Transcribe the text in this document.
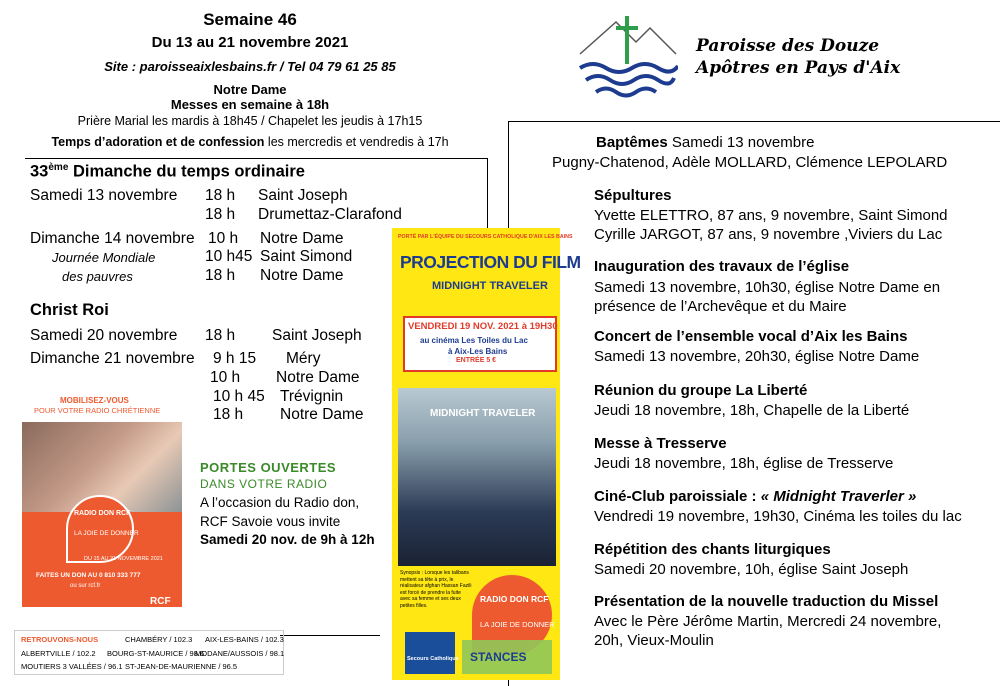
Semaine 46
Du 13 au 21 novembre 2021
Site : paroisseaixlesbains.fr / Tel 04 79 61 25 85
Notre Dame
Messes en semaine à 18h
Prière Marial les mardis à 18h45 / Chapelet les jeudis à 17h15
Temps d’adoration et de confession les mercredis et vendredis à 17h
Paroisse des Douze
Apôtres en Pays d'Aix
33ème Dimanche du temps ordinaire
Samedi 13 novembre 18 h Saint Joseph
18 h Drumettaz-Clarafond
Dimanche 14 novembre 10 h Notre Dame
Journée Mondiale	10 h45 Saint Simond
des pauvres	18 h Notre Dame
Christ Roi
Samedi 20 novembre 18 h Saint Joseph
Dimanche 21 novembre 9 h 15 Méry
10 h Notre Dame
10 h 45 Trévignin
18 h Notre Dame
Baptêmes Samedi 13 novembre
Pugny-Chatenod, Adèle MOLLARD, Clémence LEPOLARD
Sépultures
Yvette ELETTRO, 87 ans, 9 novembre, Saint Simond
Cyrille JARGOT, 87 ans, 9 novembre ,Viviers du Lac
Inauguration des travaux de l’église
Samedi 13 novembre, 10h30, église Notre Dame en
présence de l’Archevêque et du Maire
Concert de l’ensemble vocal d’Aix les Bains
Samedi 13 novembre, 20h30, église Notre Dame
Réunion du groupe La Liberté
Jeudi 18 novembre, 18h, Chapelle de la Liberté
Messe à Tresserve
Jeudi 18 novembre, 18h, église de Tresserve
Ciné-Club paroissiale : « Midnight Traverler »
Vendredi 19 novembre, 19h30, Cinéma les toiles du lac
Répétition des chants liturgiques
Samedi 20 novembre, 10h, église Saint Joseph
Présentation de la nouvelle traduction du Missel
Avec le Père Jérôme Martin, Mercredi 24 novembre,
20h, Vieux-Moulin
MOBILISEZ-VOUS
POUR VOTRE RADIO CHRÉTIENNE
RADIO DON RCF
LA JOIE DE DONNER
DU 15 AU 21 NOVEMBRE 2021
FAITES UN DON AU 0 810 333 777
ou sur rcf.fr
RCF
PORTES OUVERTES
DANS VOTRE RADIO
A l’occasion du Radio don,
RCF Savoie vous invite
Samedi 20 nov. de 9h à 12h
RETROUVONS-NOUS	CHAMBÉRY / 102.3 AIX-LES-BAINS / 102.3
ALBERTVILLE / 102.2 BOURG-ST-MAURICE / 98.6
MODANE/AUSSOIS / 98.1
MOUTIERS 3 VALLÉES / 96.1 ST-JEAN-DE-MAURIENNE / 96.5
PORTÉ PAR L'ÉQUIPE DU SECOURS CATHOLIQUE D'AIX LES BAINS
PROJECTION DU FILM
MIDNIGHT TRAVELER
VENDREDI 19 NOV. 2021 à 19H30
au cinéma Les Toiles du Lac
à Aix-Les Bains
ENTRÉE 5 €
MIDNIGHT TRAVELER
Synopsis : Lorsque les talibans mettent sa tête à prix, le réalisateur afghan Hassan Fazili est forcé de prendre la fuite avec sa femme et ses deux petites filles.
RADIO DON RCF
LA JOIE DE DONNER
Secours Catholique STANCES
